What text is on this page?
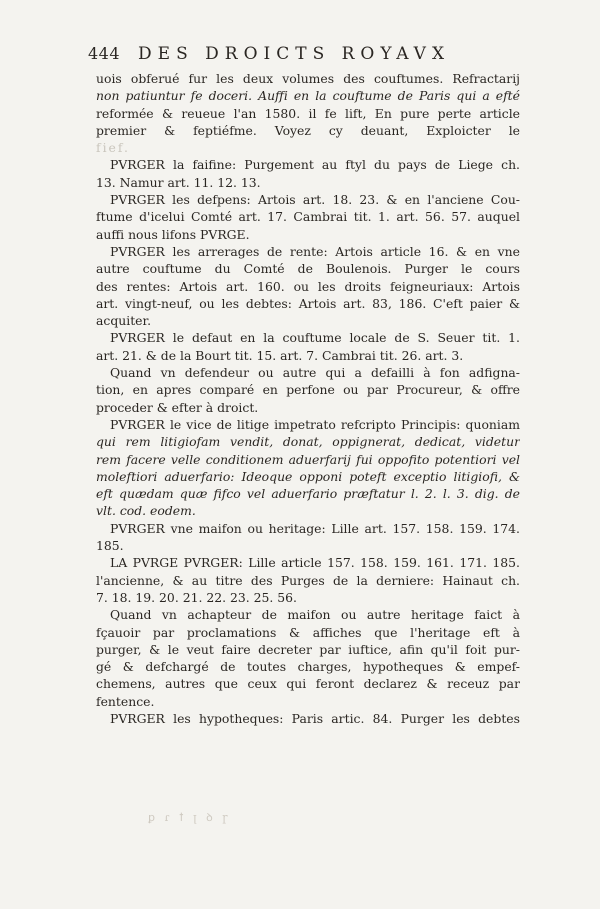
444 DES DROICTS ROYAVX
uois obferué fur les deux volumes des couftumes. Refractarij
non patiuntur fe doceri. Auffi en la couftume de Paris qui a efté
reformée & reueue l'an 1580. il fe lift, En pure perte article
premier & feptiéfme. Voyez cy deuant, Exploicter le
fief.
PVRGER la faifine: Purgement au ftyl du pays de Liege ch.
13. Namur art. 11. 12. 13.
PVRGER les defpens: Artois art. 18. 23. & en l'anciene Cou-
ftume d'icelui Comté art. 17. Cambrai tit. 1. art. 56. 57. auquel
auffi nous lifons PVRGE.
PVRGER les arrerages de rente: Artois article 16. & en vne
autre couftume du Comté de Boulenois. Purger le cours
des rentes: Artois art. 160. ou les droits feigneuriaux: Artois
art. vingt-neuf, ou les debtes: Artois art. 83, 186. C'eft paier &
acquiter.
PVRGER le defaut en la couftume locale de S. Seuer tit. 1.
art. 21. & de la Bourt tit. 15. art. 7. Cambrai tit. 26. art. 3.
Quand vn defendeur ou autre qui a defailli à fon adfigna-
tion, en apres comparé en perfone ou par Procureur, & offre
proceder & efter à droict.
PVRGER le vice de litige impetrato refcripto Principis: quoniam
qui rem litigiofam vendit, donat, oppignerat, dedicat, videtur
rem facere velle conditionem aduerfarij fui oppofito potentiori vel
moleftiori aduerfario: Ideoque opponi poteft exceptio litigiofi, &
eft quædam quæ fifco vel aduerfario præftatur l. 2. l. 3. dig. de
vlt. cod. eodem.
PVRGER vne maifon ou heritage: Lille art. 157. 158. 159. 174.
185.
LA PVRGE PVRGER: Lille article 157. 158. 159. 161. 171. 185.
l'ancienne, & au titre des Purges de la derniere: Hainaut ch.
7. 18. 19. 20. 21. 22. 23. 25. 56.
Quand vn achapteur de maifon ou autre heritage faict à
fçauoir par proclamations & affiches que l'heritage eft à
purger, & le veut faire decreter par iuftice, afin qu'il foit pur-
gé & defchargé de toutes charges, hypotheques & empef-
chemens, autres que ceux qui feront declarez & receuz par
fentence.
PVRGER les hypotheques: Paris artic. 84. Purger les debtes
ꝑ ɾ ꝉ ꞁ ꝺ ɼ
